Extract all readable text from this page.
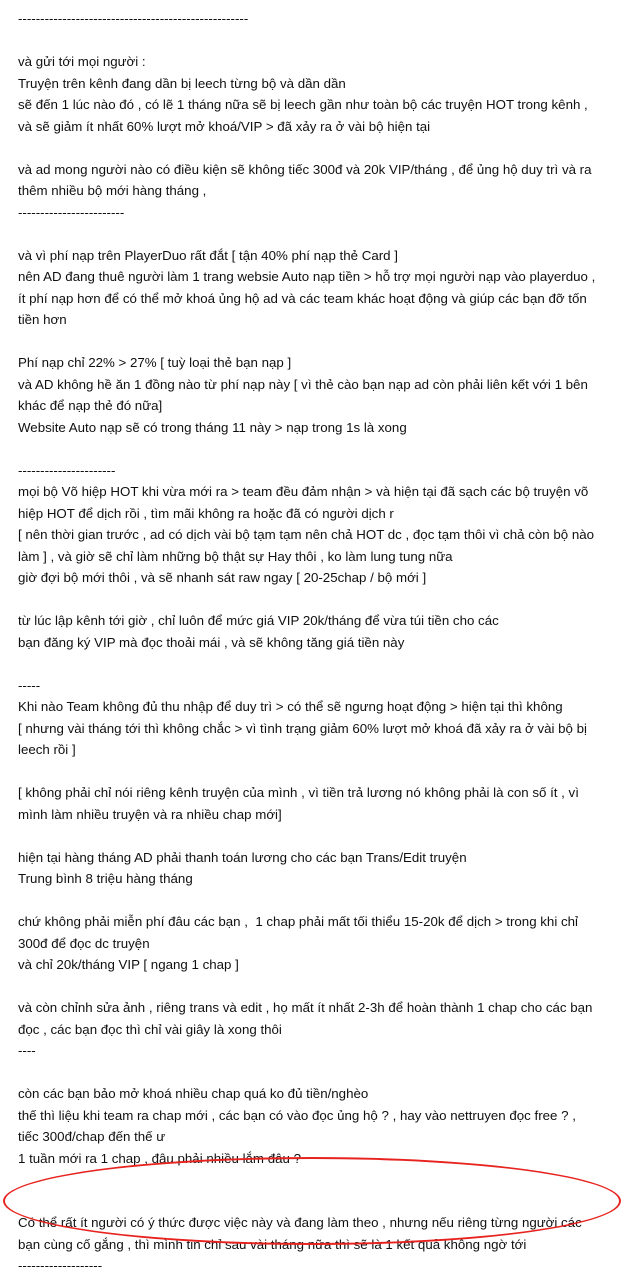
----------------------------------------------------
và gửi tới mọi người :
Truyện trên kênh đang dần bị leech từng bộ và dần dần
sẽ đến 1 lúc nào đó , có lẽ 1 tháng nữa sẽ bị leech gần như toàn bộ các truyện HOT trong kênh ,
và sẽ giảm ít nhất 60% lượt mở khoá/VIP > đã xảy ra ở vài bộ hiện tại
và ad mong người nào có điều kiện sẽ không tiếc 300đ và 20k VIP/tháng , để ủng hộ duy trì và ra
thêm nhiều bộ mới hàng tháng ,
------------------------
và vì phí nạp trên PlayerDuo rất đắt [ tận 40% phí nạp thẻ Card ]
nên AD đang thuê người làm 1 trang websie Auto nạp tiền > hỗ trợ mọi người nạp vào playerduo ,
ít phí nạp hơn để có thể mở khoá ủng hộ ad và các team khác hoạt động và giúp các bạn đỡ tốn
tiền hơn
Phí nạp chỉ 22% > 27% [ tuỳ loại thẻ bạn nạp ]
và AD không hề ăn 1 đồng nào từ phí nạp này [ vì thẻ cào bạn nạp ad còn phải liên kết với 1 bên
khác để nạp thẻ đó nữa]
Website Auto nạp sẽ có trong tháng 11 này > nạp trong 1s là xong
----------------------
mọi bộ Võ hiệp HOT khi vừa mới ra > team đều đảm nhận > và hiện tại đã sạch các bộ truyện võ
hiệp HOT để dịch rồi , tìm mãi không ra hoặc đã có người dịch r
[ nên thời gian trước , ad có dịch vài bộ tạm tạm nên chả HOT dc , đọc tạm thôi vì chả còn bộ nào
làm ] , và giờ sẽ chỉ làm những bộ thật sự Hay thôi , ko làm lung tung nữa
giờ đợi bộ mới thôi , và sẽ nhanh sát raw ngay [ 20-25chap / bộ mới ]
từ lúc lập kênh tới giờ , chỉ luôn để mức giá VIP 20k/tháng để vừa túi tiền cho các
bạn đăng ký VIP mà đọc thoải mái , và sẽ không tăng giá tiền này
-----
Khi nào Team không đủ thu nhập để duy trì > có thể sẽ ngưng hoạt động > hiện tại thì không
[ nhưng vài tháng tới thì không chắc > vì tình trạng giảm 60% lượt mở khoá đã xảy ra ở vài bộ bị
leech rồi ]
[ không phải chỉ nói riêng kênh truyện của mình , vì tiền trả lương nó không phải là con số ít , vì
mình làm nhiều truyện và ra nhiều chap mới]
hiện tại hàng tháng AD phải thanh toán lương cho các bạn Trans/Edit truyện
Trung bình 8 triệu hàng tháng
chứ không phải miễn phí đâu các bạn ,  1 chap phải mất tối thiểu 15-20k để dịch > trong khi chỉ
300đ để đọc dc truyện
và chỉ 20k/tháng VIP [ ngang 1 chap ]
và còn chỉnh sửa ảnh , riêng trans và edit , họ mất ít nhất 2-3h để hoàn thành 1 chap cho các bạn
đọc , các bạn đọc thì chỉ vài giây là xong thôi
----
còn các bạn bảo mở khoá nhiều chap quá ko đủ tiền/nghèo
thế thì liệu khi team ra chap mới , các bạn có vào đọc ủng hộ ? , hay vào nettruyen đọc free ? ,
tiếc 300đ/chap đến thế ư
1 tuần mới ra 1 chap , đâu phải nhiều lắm đâu ?
Có thể rất ít người có ý thức được việc này và đang làm theo , nhưng nếu riêng từng người các
bạn cùng cố gắng , thì mình tin chỉ sau vài tháng nữa thì sẽ là 1 kết quả không ngờ tới
-------------------
